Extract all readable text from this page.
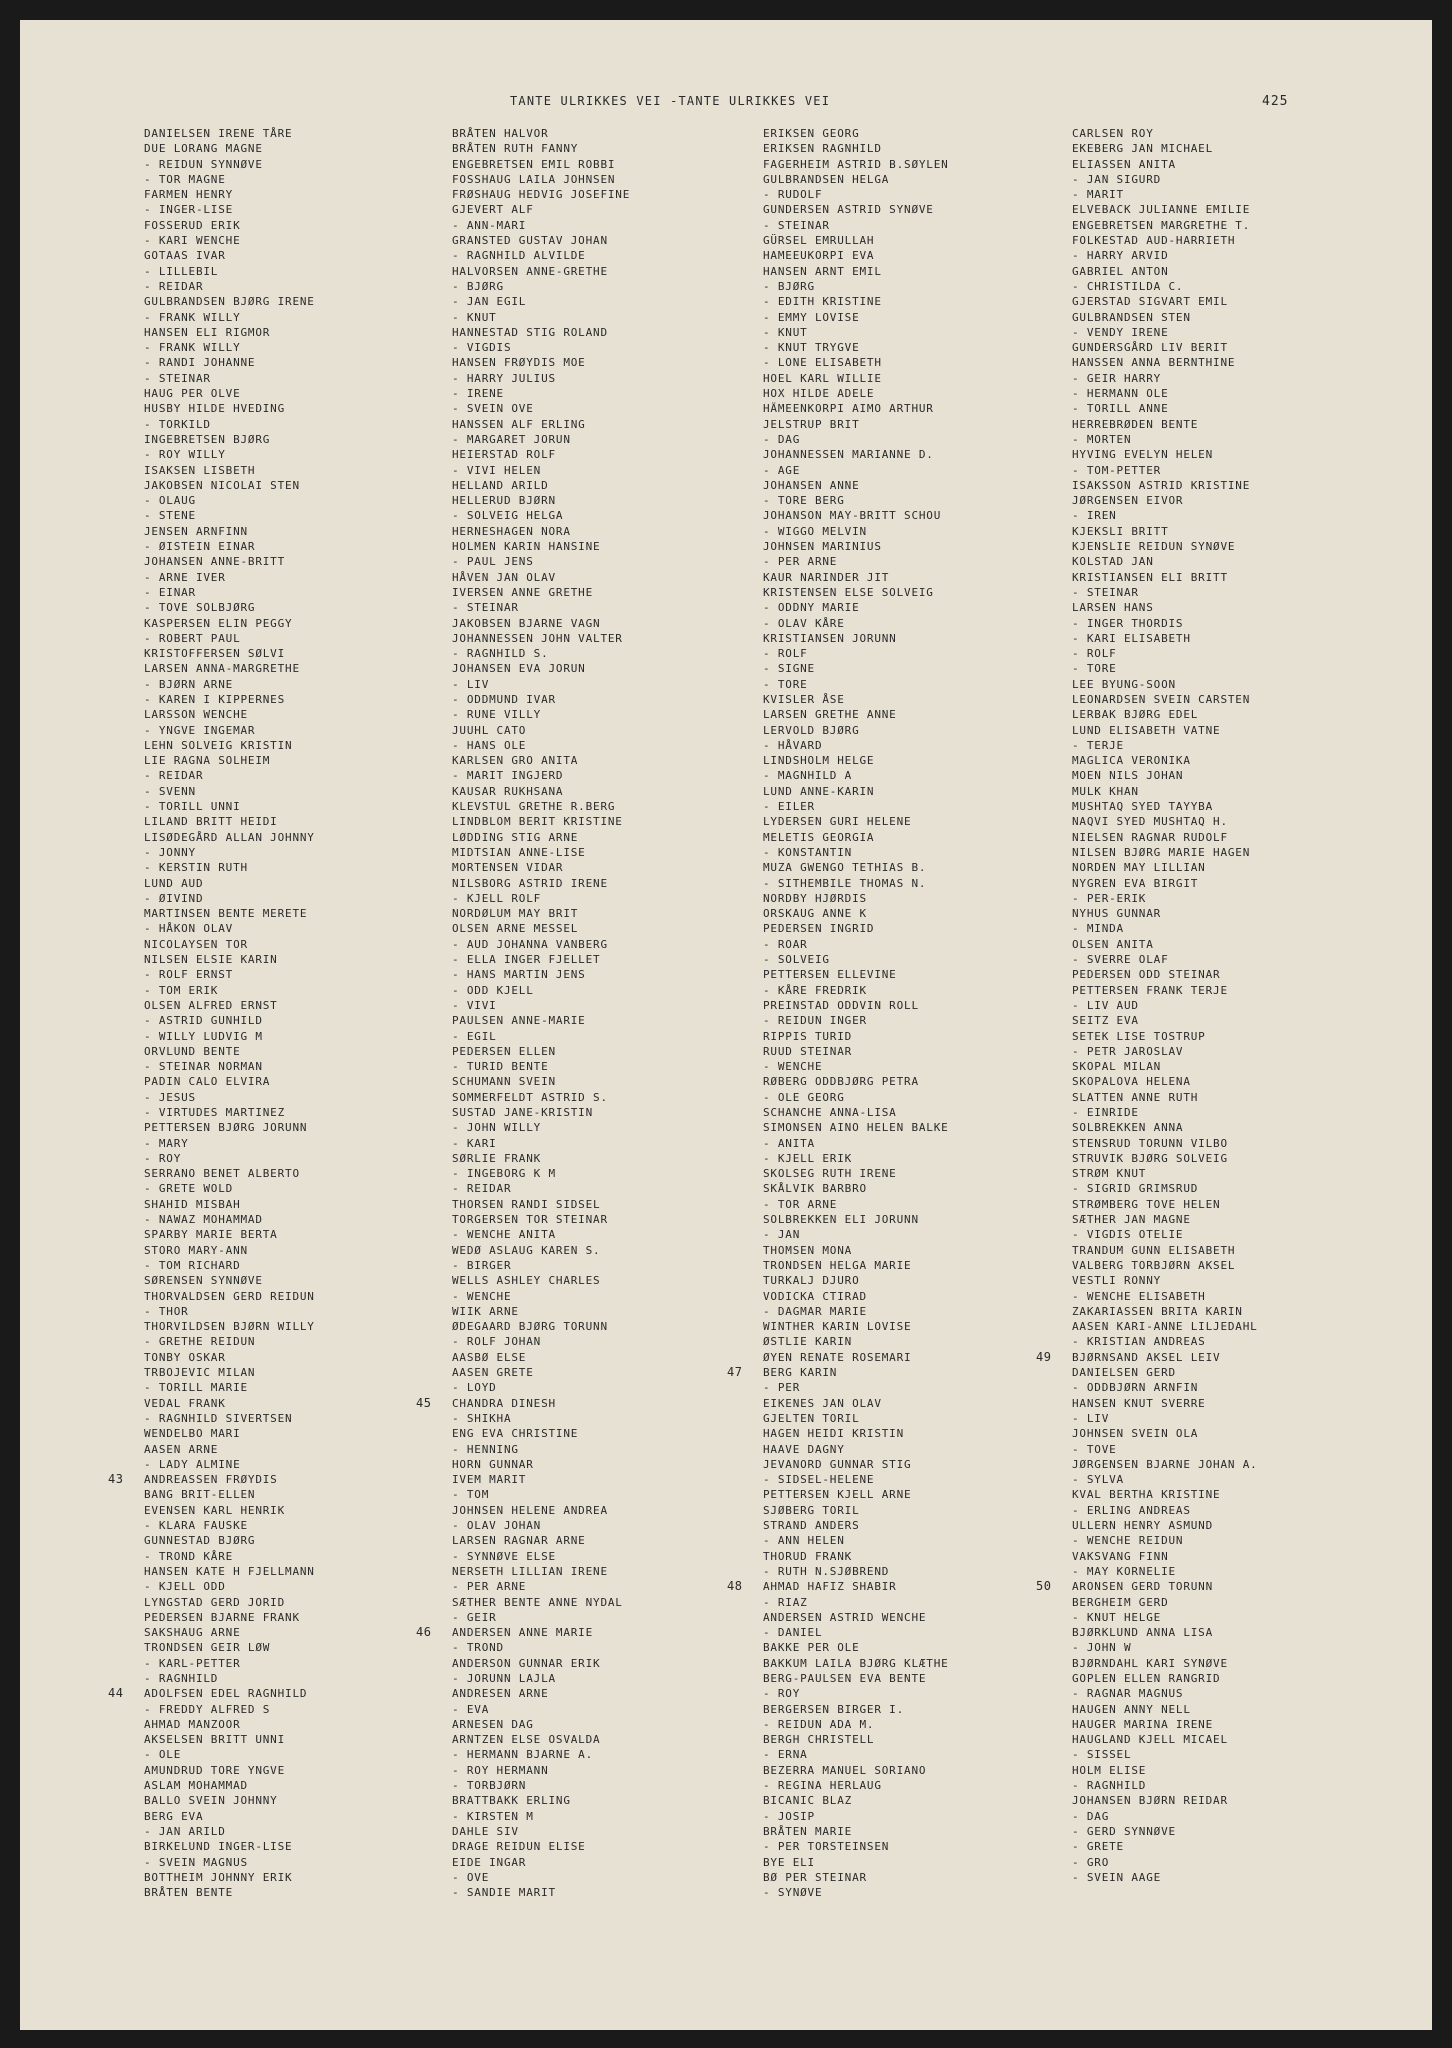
TANTE ULRIKKES VEI -TANTE ULRIKKES VEI	425
DANIELSEN IRENE TÅRE
DUE LORANG MAGNE
- REIDUN SYNNØVE
- TOR MAGNE
FARMEN HENRY
- INGER-LISE
FOSSERUD ERIK
- KARI WENCHE
GOTAAS IVAR
- LILLEBIL
- REIDAR
GULBRANDSEN BJØRG IRENE
- FRANK WILLY
HANSEN ELI RIGMOR
- FRANK WILLY
- RANDI JOHANNE
- STEINAR
HAUG PER OLVE
HUSBY HILDE HVEDING
- TORKILD
INGEBRETSEN BJØRG
- ROY WILLY
ISAKSEN LISBETH
JAKOBSEN NICOLAI STEN
- OLAUG
- STENE
JENSEN ARNFINN
- ØISTEIN EINAR
JOHANSEN ANNE-BRITT
- ARNE IVER
- EINAR
- TOVE SOLBJØRG
KASPERSEN ELIN PEGGY
- ROBERT PAUL
KRISTOFFERSEN SØLVI
LARSEN ANNA-MARGRETHE
- BJØRN ARNE
- KAREN I KIPPERNES
LARSSON WENCHE
- YNGVE INGEMAR
LEHN SOLVEIG KRISTIN
LIE RAGNA SOLHEIM
- REIDAR
- SVENN
- TORILL UNNI
LILAND BRITT HEIDI
LISØDEGÅRD ALLAN JOHNNY
- JONNY
- KERSTIN RUTH
LUND AUD
- ØIVIND
MARTINSEN BENTE MERETE
- HÅKON OLAV
NICOLAYSEN TOR
NILSEN ELSIE KARIN
- ROLF ERNST
- TOM ERIK
OLSEN ALFRED ERNST
- ASTRID GUNHILD
- WILLY LUDVIG M
ORVLUND BENTE
- STEINAR NORMAN
PADIN CALO ELVIRA
- JESUS
- VIRTUDES MARTINEZ
PETTERSEN BJØRG JORUNN
- MARY
- ROY
SERRANO BENET ALBERTO
- GRETE WOLD
SHAHID MISBAH
- NAWAZ MOHAMMAD
SPARBY MARIE BERTA
STORO MARY-ANN
- TOM RICHARD
SØRENSEN SYNNØVE
THORVALDSEN GERD REIDUN
- THOR
THORVILDSEN BJØRN WILLY
- GRETHE REIDUN
TONBY OSKAR
TRBOJEVIC MILAN
- TORILL MARIE
VEDAL FRANK
- RAGNHILD SIVERTSEN
WENDELBO MARI
AASEN ARNE
- LADY ALMINE
43 ANDREASSEN FRØYDIS
BANG BRIT-ELLEN
EVENSEN KARL HENRIK
- KLARA FAUSKE
GUNNESTAD BJØRG
- TROND KÅRE
HANSEN KATE H FJELLMANN
- KJELL ODD
LYNGSTAD GERD JORID
PEDERSEN BJARNE FRANK
SAKSHAUG ARNE
TRONDSEN GEIR LØW
- KARL-PETTER
- RAGNHILD
44 ADOLFSEN EDEL RAGNHILD
- FREDDY ALFRED S
AHMAD MANZOOR
AKSELSEN BRITT UNNI
- OLE
AMUNDRUD TORE YNGVE
ASLAM MOHAMMAD
BALLO SVEIN JOHNNY
BERG EVA
- JAN ARILD
BIRKELUND INGER-LISE
- SVEIN MAGNUS
BOTTHEIM JOHNNY ERIK
BRÅTEN BENTE
BRÅTEN HALVOR
BRÅTEN RUTH FANNY
ENGEBRETSEN EMIL ROBBI
FOSSHAUG LAILA JOHNSEN
FRØSHAUG HEDVIG JOSEFINE
GJEVERT ALF
- ANN-MARI
GRANSTED GUSTAV JOHAN
- RAGNHILD ALVILDE
HALVORSEN ANNE-GRETHE
- BJØRG
- JAN EGIL
- KNUT
HANNESTAD STIG ROLAND
- VIGDIS
HANSEN FRØYDIS MOE
- HARRY JULIUS
- IRENE
- SVEIN OVE
HANSSEN ALF ERLING
- MARGARET JORUN
HEIERSTAD ROLF
- VIVI HELEN
HELLAND ARILD
HELLERUD BJØRN
- SOLVEIG HELGA
HERNESHAGEN NORA
HOLMEN KARIN HANSINE
- PAUL JENS
HÅVEN JAN OLAV
IVERSEN ANNE GRETHE
- STEINAR
JAKOBSEN BJARNE VAGN
JOHANNESSEN JOHN VALTER
- RAGNHILD S.
JOHANSEN EVA JORUN
- LIV
- ODDMUND IVAR
- RUNE VILLY
JUUHL CATO
- HANS OLE
KARLSEN GRO ANITA
- MARIT INGJERD
KAUSAR RUKHSANA
KLEVSTUL GRETHE R.BERG
LINDBLOM BERIT KRISTINE
LØDDING STIG ARNE
MIDTSIAN ANNE-LISE
MORTENSEN VIDAR
NILSBORG ASTRID IRENE
- KJELL ROLF
NORDØLUM MAY BRIT
OLSEN ARNE MESSEL
- AUD JOHANNA VANBERG
- ELLA INGER FJELLET
- HANS MARTIN JENS
- ODD KJELL
- VIVI
PAULSEN ANNE-MARIE
- EGIL
PEDERSEN ELLEN
- TURID BENTE
SCHUMANN SVEIN
SOMMERFELDT ASTRID S.
SUSTAD JANE-KRISTIN
- JOHN WILLY
- KARI
SØRLIE FRANK
- INGEBORG K M
- REIDAR
THORSEN RANDI SIDSEL
TORGERSEN TOR STEINAR
- WENCHE ANITA
WEDØ ASLAUG KAREN S.
- BIRGER
WELLS ASHLEY CHARLES
- WENCHE
WIIK ARNE
ØDEGAARD BJØRG TORUNN
- ROLF JOHAN
AASBØ ELSE
AASEN GRETE
- LOYD
45 CHANDRA DINESH
- SHIKHA
ENG EVA CHRISTINE
- HENNING
HORN GUNNAR
IVEM MARIT
- TOM
JOHNSEN HELENE ANDREA
- OLAV JOHAN
LARSEN RAGNAR ARNE
- SYNNØVE ELSE
NERSETH LILLIAN IRENE
- PER ARNE
SÆTHER BENTE ANNE NYDAL
- GEIR
46 ANDERSEN ANNE MARIE
- TROND
ANDERSON GUNNAR ERIK
- JORUNN LAJLA
ANDRESEN ARNE
- EVA
ARNESEN DAG
ARNTZEN ELSE OSVALDA
- HERMANN BJARNE A.
- ROY HERMANN
- TORBJØRN
BRATTBAKK ERLING
- KIRSTEN M
DAHLE SIV
DRAGE REIDUN ELISE
EIDE INGAR
- OVE
- SANDIE MARIT
ERIKSEN GEORG
ERIKSEN RAGNHILD
FAGERHEIM ASTRID B.SØYLEN
GULBRANDSEN HELGA
- RUDOLF
GUNDERSEN ASTRID SYNØVE
- STEINAR
GÜRSEL EMRULLAH
HAMEEUKORPI EVA
HANSEN ARNT EMIL
- BJØRG
- EDITH KRISTINE
- EMMY LOVISE
- KNUT
- KNUT TRYGVE
- LONE ELISABETH
HOEL KARL WILLIE
HOX HILDE ADELE
HÄMEENKORPI AIMO ARTHUR
JELSTRUP BRIT
- DAG
JOHANNESSEN MARIANNE D.
- AGE
JOHANSEN ANNE
- TORE BERG
JOHANSON MAY-BRITT SCHOU
- WIGGO MELVIN
JOHNSEN MARINIUS
- PER ARNE
KAUR NARINDER JIT
KRISTENSEN ELSE SOLVEIG
- ODDNY MARIE
- OLAV KÅRE
KRISTIANSEN JORUNN
- ROLF
- SIGNE
- TORE
KVISLER ÅSE
LARSEN GRETHE ANNE
LERVOLD BJØRG
- HÅVARD
LINDSHOLM HELGE
- MAGNHILD A
LUND ANNE-KARIN
- EILER
LYDERSEN GURI HELENE
MELETIS GEORGIA
- KONSTANTIN
MUZA GWENGO TETHIAS B.
- SITHEMBILE THOMAS N.
NORDBY HJØRDIS
ORSKAUG ANNE K
PEDERSEN INGRID
- ROAR
- SOLVEIG
PETTERSEN ELLEVINE
- KÅRE FREDRIK
PREINSTAD ODDVIN ROLL
- REIDUN INGER
RIPPIS TURID
RUUD STEINAR
- WENCHE
RØBERG ODDBJØRG PETRA
- OLE GEORG
SCHANCHE ANNA-LISA
SIMONSEN AINO HELEN BALKE
- ANITA
- KJELL ERIK
SKOLSEG RUTH IRENE
SKÅLVIK BARBRO
- TOR ARNE
SOLBREKKEN ELI JORUNN
- JAN
THOMSEN MONA
TRONDSEN HELGA MARIE
TURKALJ DJURO
VODICKA CTIRAD
- DAGMAR MARIE
WINTHER KARIN LOVISE
ØSTLIE KARIN
ØYEN RENATE ROSEMARI
47 BERG KARIN
- PER
EIKENES JAN OLAV
GJELTEN TORIL
HAGEN HEIDI KRISTIN
HAAVE DAGNY
JEVANORD GUNNAR STIG
- SIDSEL-HELENE
PETTERSEN KJELL ARNE
SJØBERG TORIL
STRAND ANDERS
- ANN HELEN
THORUD FRANK
- RUTH N.SJØBREND
48 AHMAD HAFIZ SHABIR
- RIAZ
ANDERSEN ASTRID WENCHE
- DANIEL
BAKKE PER OLE
BAKKUM LAILA BJØRG KLÆTHE
BERG-PAULSEN EVA BENTE
- ROY
BERGERSEN BIRGER I.
- REIDUN ADA M.
BERGH CHRISTELL
- ERNA
BEZERRA MANUEL SORIANO
- REGINA HERLAUG
BICANIC BLAZ
- JOSIP
BRÅTEN MARIE
- PER TORSTEINSEN
BYE ELI
BØ PER STEINAR
- SYNØVE
CARLSEN ROY
EKEBERG JAN MICHAEL
ELIASSEN ANITA
- JAN SIGURD
- MARIT
ELVEBACK JULIANNE EMILIE
ENGEBRETSEN MARGRETHE T.
FOLKESTAD AUD-HARRIETH
- HARRY ARVID
GABRIEL ANTON
- CHRISTILDA C.
GJERSTAD SIGVART EMIL
GULBRANDSEN STEN
- VENDY IRENE
GUNDERSGÅRD LIV BERIT
HANSSEN ANNA BERNTHINE
- GEIR HARRY
- HERMANN OLE
- TORILL ANNE
HERREBRØDEN BENTE
- MORTEN
HYVING EVELYN HELEN
- TOM-PETTER
ISAKSSON ASTRID KRISTINE
JØRGENSEN EIVOR
- IREN
KJEKSLI BRITT
KJENSLIE REIDUN SYNØVE
KOLSTAD JAN
KRISTIANSEN ELI BRITT
- STEINAR
LARSEN HANS
- INGER THORDIS
- KARI ELISABETH
- ROLF
- TORE
LEE BYUNG-SOON
LEONARDSEN SVEIN CARSTEN
LERBAK BJØRG EDEL
LUND ELISABETH VATNE
- TERJE
MAGLICA VERONIKA
MOEN NILS JOHAN
MULK KHAN
MUSHTAQ SYED TAYYBA
NAQVI SYED MUSHTAQ H.
NIELSEN RAGNAR RUDOLF
NILSEN BJØRG MARIE HAGEN
NORDEN MAY LILLIAN
NYGREN EVA BIRGIT
- PER-ERIK
NYHUS GUNNAR
- MINDA
OLSEN ANITA
- SVERRE OLAF
PEDERSEN ODD STEINAR
PETTERSEN FRANK TERJE
- LIV AUD
SEITZ EVA
SETEK LISE TOSTRUP
- PETR JAROSLAV
SKOPAL MILAN
SKOPALOVA HELENA
SLATTEN ANNE RUTH
- EINRIDE
SOLBREKKEN ANNA
STENSRUD TORUNN VILBO
STRUVIK BJØRG SOLVEIG
STRØM KNUT
- SIGRID GRIMSRUD
STRØMBERG TOVE HELEN
SÆTHER JAN MAGNE
- VIGDIS OTELIE
TRANDUM GUNN ELISABETH
VALBERG TORBJØRN AKSEL
VESTLI RONNY
- WENCHE ELISABETH
ZAKARIASSEN BRITA KARIN
AASEN KARI-ANNE LILJEDAHL
- KRISTIAN ANDREAS
49 BJØRNSAND AKSEL LEIV
DANIELSEN GERD
- ODDBJØRN ARNFIN
HANSEN KNUT SVERRE
- LIV
JOHNSEN SVEIN OLA
- TOVE
JØRGENSEN BJARNE JOHAN A.
- SYLVA
KVAL BERTHA KRISTINE
- ERLING ANDREAS
ULLERN HENRY ASMUND
- WENCHE REIDUN
VAKSVANG FINN
- MAY KORNELIE
50 ARONSEN GERD TORUNN
BERGHEIM GERD
- KNUT HELGE
BJØRKLUND ANNA LISA
- JOHN W
BJØRNDAHL KARI SYNØVE
GOPLEN ELLEN RANGRID
- RAGNAR MAGNUS
HAUGEN ANNY NELL
HAUGER MARINA IRENE
HAUGLAND KJELL MICAEL
- SISSEL
HOLM ELISE
- RAGNHILD
JOHANSEN BJØRN REIDAR
- DAG
- GERD SYNNØVE
- GRETE
- GRO
- SVEIN AAGE
